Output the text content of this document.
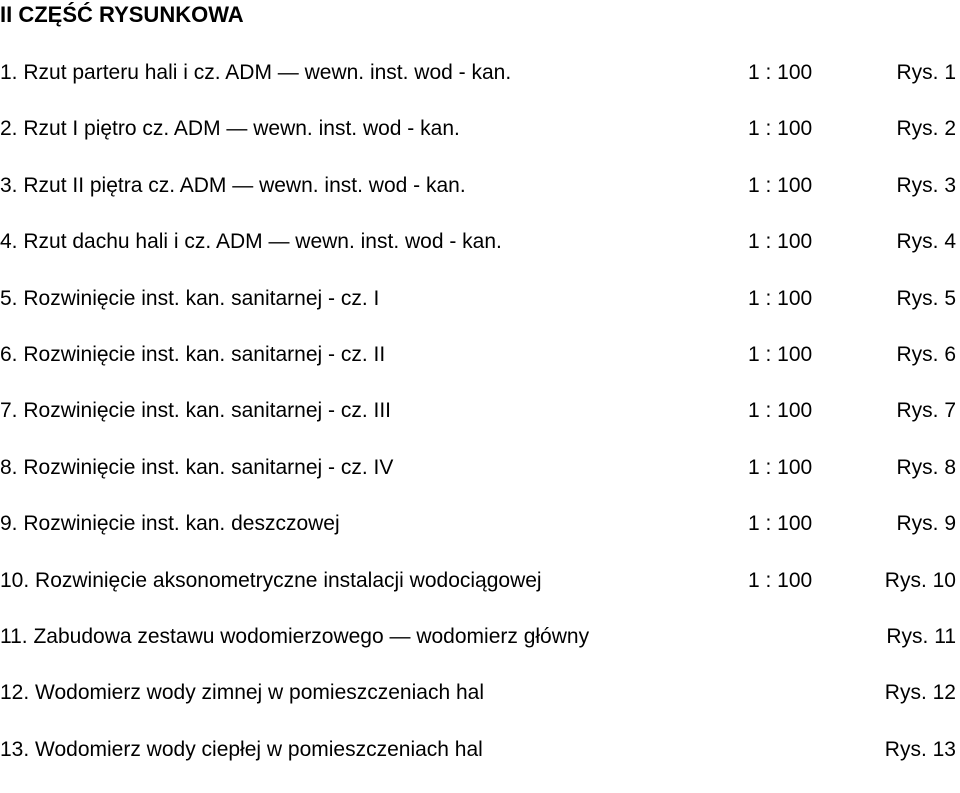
II CZĘŚĆ RYSUNKOWA
1. Rzut parteru hali i cz. ADM — wewn. inst. wod - kan.	1 : 100	Rys. 1
2. Rzut I piętro cz. ADM — wewn. inst. wod - kan.	1 : 100	Rys. 2
3. Rzut II piętra cz. ADM — wewn. inst. wod - kan.	1 : 100	Rys. 3
4. Rzut dachu hali i cz. ADM — wewn. inst. wod - kan.	1 : 100	Rys. 4
5. Rozwinięcie inst. kan. sanitarnej - cz. I	1 : 100	Rys. 5
6. Rozwinięcie inst. kan. sanitarnej - cz. II	1 : 100	Rys. 6
7. Rozwinięcie inst. kan. sanitarnej - cz. III	1 : 100	Rys. 7
8. Rozwinięcie inst. kan. sanitarnej - cz. IV	1 : 100	Rys. 8
9. Rozwinięcie inst. kan. deszczowej	1 : 100	Rys. 9
10. Rozwinięcie aksonometryczne instalacji wodociągowej	1 : 100	Rys. 10
11. Zabudowa zestawu wodomierzowego — wodomierz główny	Rys. 11
12. Wodomierz wody zimnej w pomieszczeniach hal	Rys. 12
13. Wodomierz wody ciepłej w pomieszczeniach hal	Rys. 13
